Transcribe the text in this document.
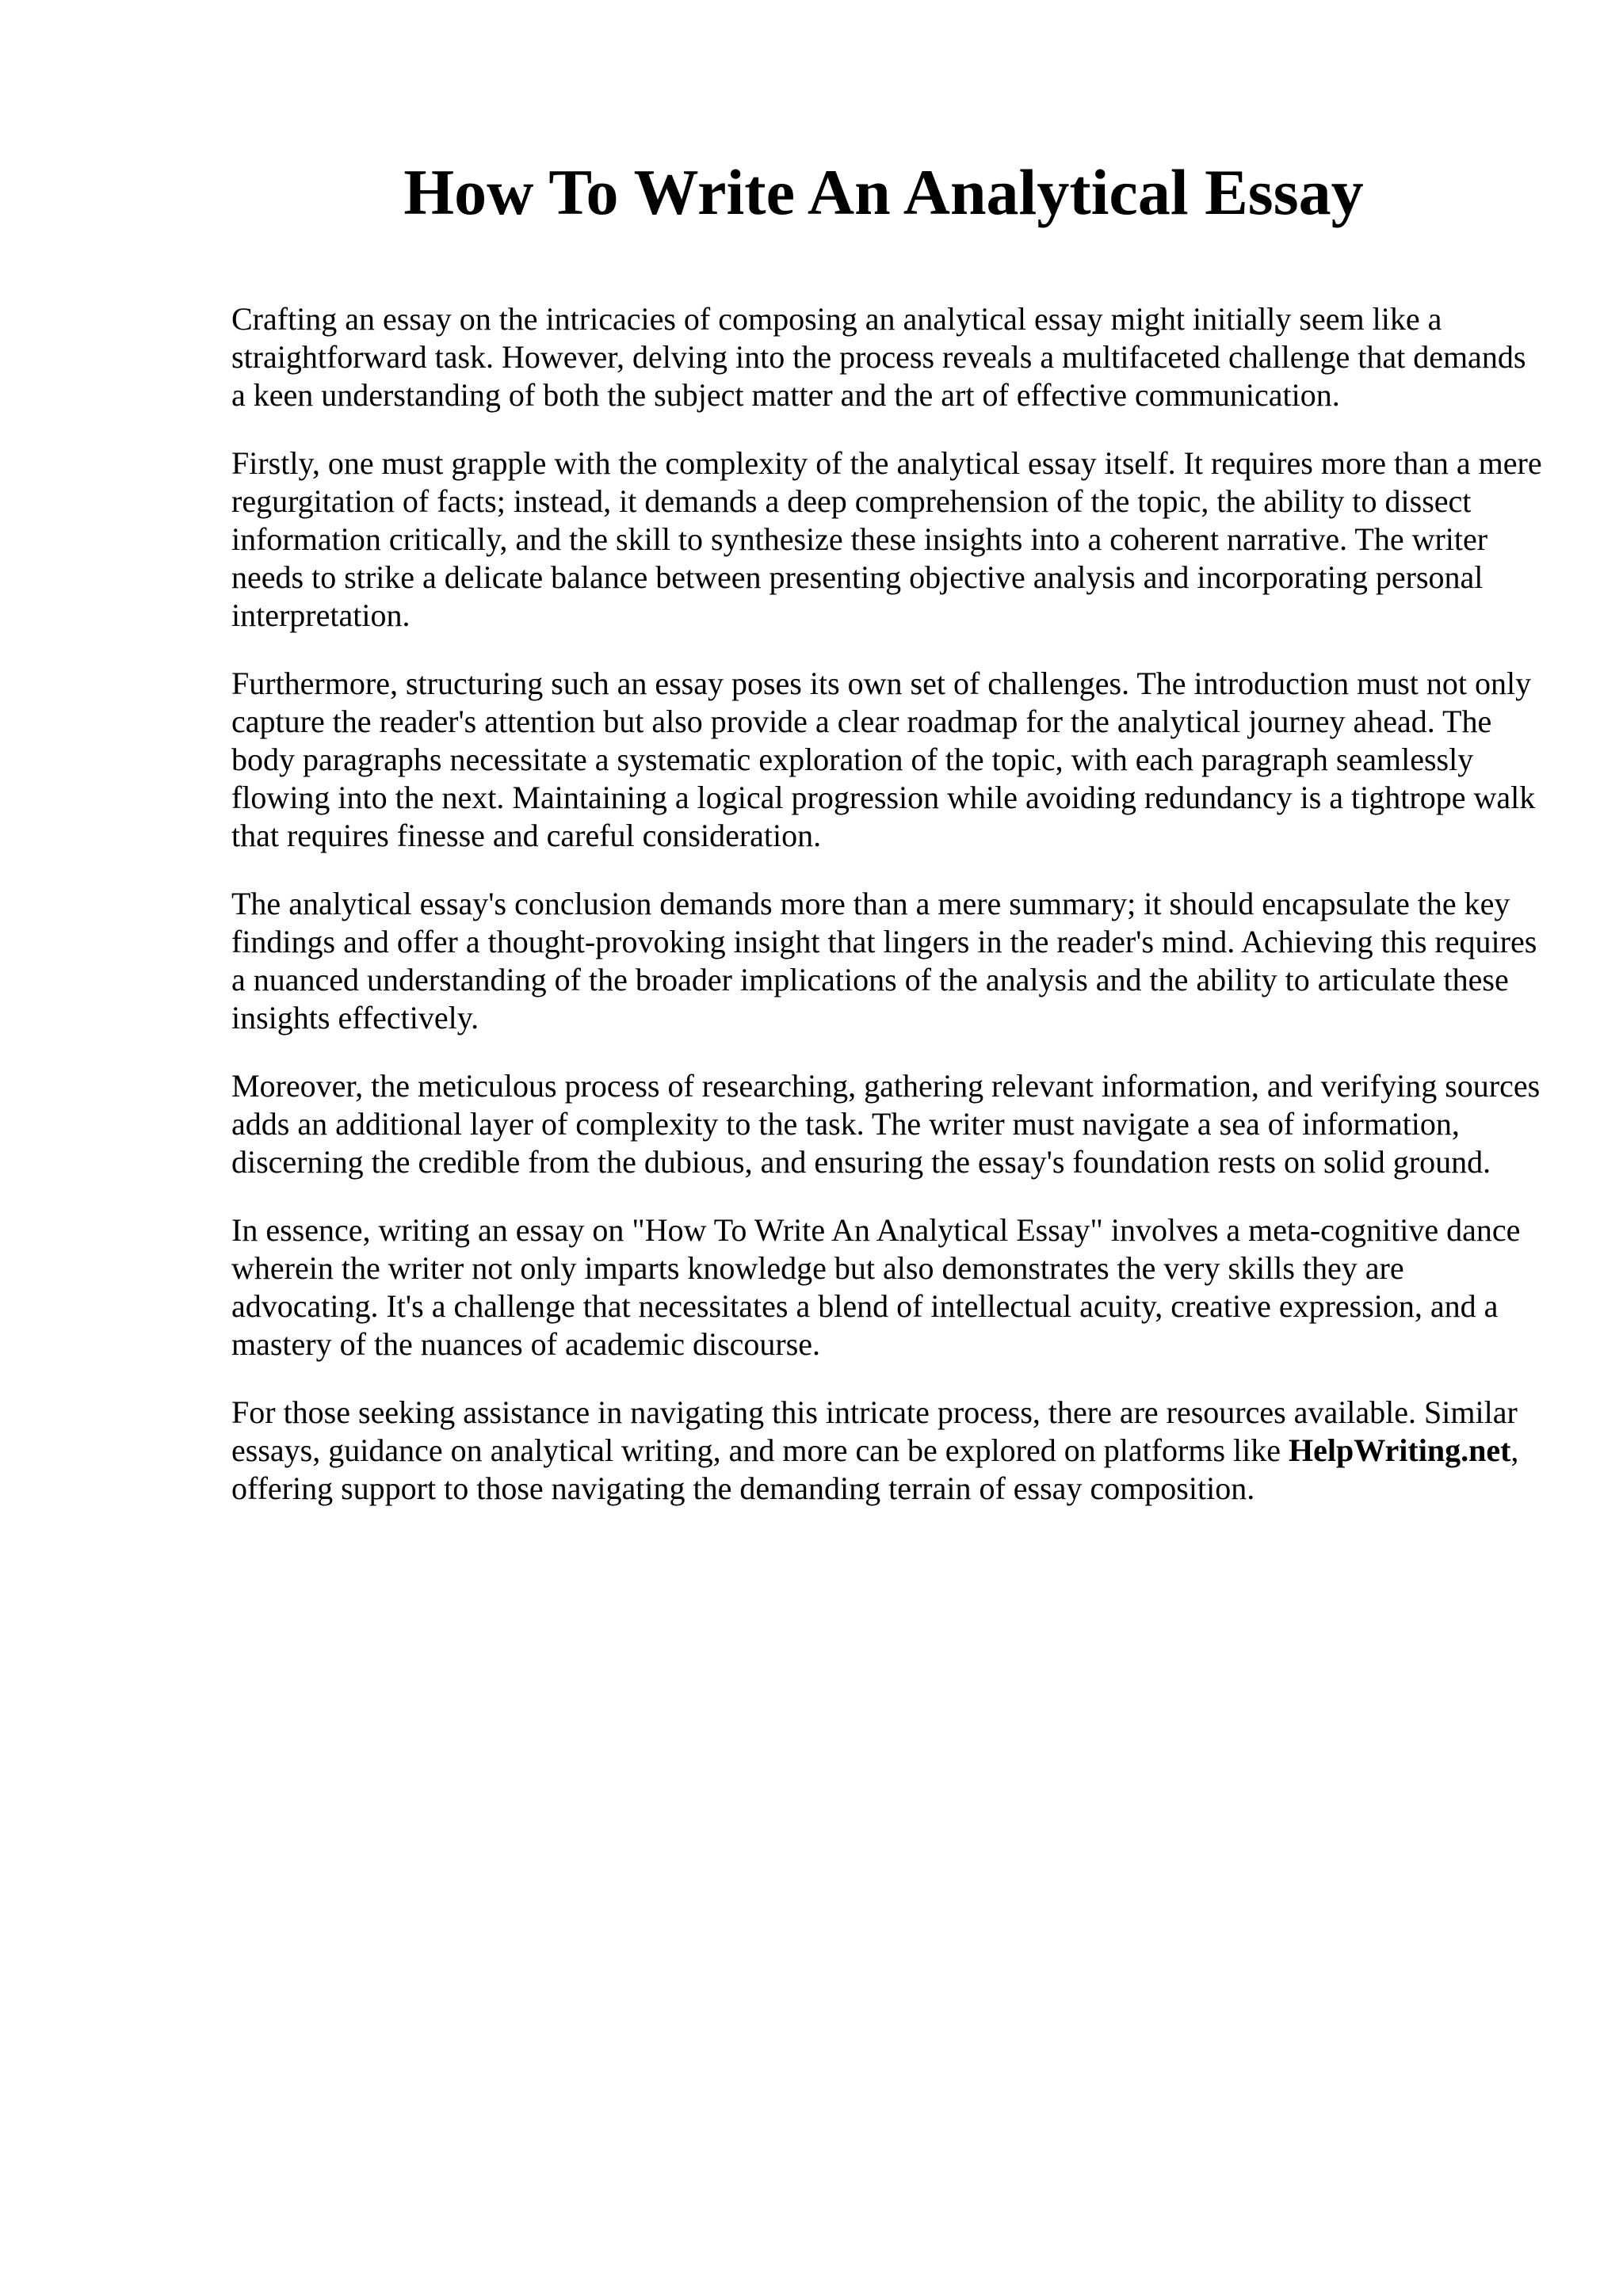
How To Write An Analytical Essay

Crafting an essay on the intricacies of composing an analytical essay might initially seem like a straightforward task. However, delving into the process reveals a multifaceted challenge that demands a keen understanding of both the subject matter and the art of effective communication.

Firstly, one must grapple with the complexity of the analytical essay itself. It requires more than a mere regurgitation of facts; instead, it demands a deep comprehension of the topic, the ability to dissect information critically, and the skill to synthesize these insights into a coherent narrative. The writer needs to strike a delicate balance between presenting objective analysis and incorporating personal interpretation.

Furthermore, structuring such an essay poses its own set of challenges. The introduction must not only capture the reader's attention but also provide a clear roadmap for the analytical journey ahead. The body paragraphs necessitate a systematic exploration of the topic, with each paragraph seamlessly flowing into the next. Maintaining a logical progression while avoiding redundancy is a tightrope walk that requires finesse and careful consideration.

The analytical essay's conclusion demands more than a mere summary; it should encapsulate the key findings and offer a thought-provoking insight that lingers in the reader's mind. Achieving this requires a nuanced understanding of the broader implications of the analysis and the ability to articulate these insights effectively.

Moreover, the meticulous process of researching, gathering relevant information, and verifying sources adds an additional layer of complexity to the task. The writer must navigate a sea of information, discerning the credible from the dubious, and ensuring the essay's foundation rests on solid ground.

In essence, writing an essay on "How To Write An Analytical Essay" involves a meta-cognitive dance wherein the writer not only imparts knowledge but also demonstrates the very skills they are advocating. It's a challenge that necessitates a blend of intellectual acuity, creative expression, and a mastery of the nuances of academic discourse.

For those seeking assistance in navigating this intricate process, there are resources available. Similar essays, guidance on analytical writing, and more can be explored on platforms like HelpWriting.net, offering support to those navigating the demanding terrain of essay composition.
